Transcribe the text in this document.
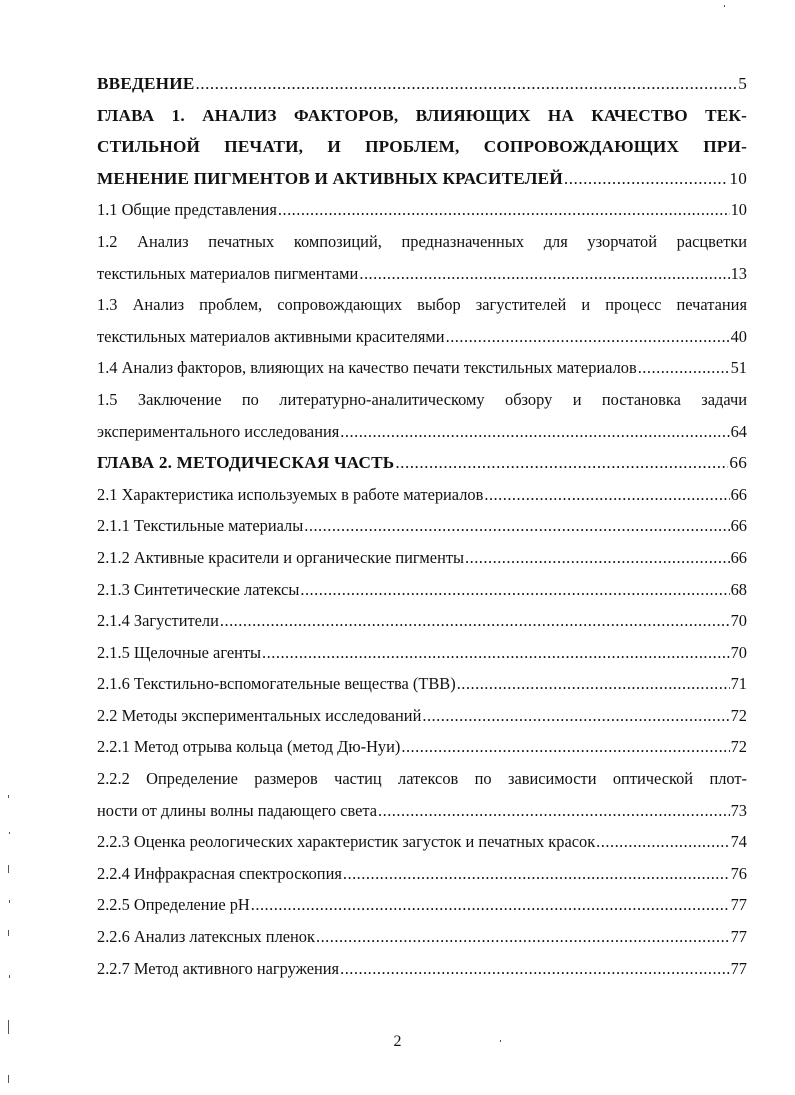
ВВЕДЕНИЕ .....	5
ГЛАВА 1. АНАЛИЗ ФАКТОРОВ, ВЛИЯЮЩИХ НА КАЧЕСТВО ТЕК-
СТИЛЬНОЙ ПЕЧАТИ, И ПРОБЛЕМ, СОПРОВОЖДАЮЩИХ ПРИ-
МЕНЕНИЕ ПИГМЕНТОВ И АКТИВНЫХ КРАСИТЕЛЕЙ .....	10
1.1 Общие представления .....	10
1.2 Анализ печатных композиций, предназначенных для узорчатой расцветки
текстильных материалов пигментами .....	13
1.3 Анализ проблем, сопровождающих выбор загустителей и процесс печатания
текстильных материалов активными красителями .....	40
1.4 Анализ факторов, влияющих на качество печати текстильных материалов .....	51
1.5 Заключение по литературно-аналитическому обзору и постановка задачи
экспериментального исследования .....	64
ГЛАВА 2. МЕТОДИЧЕСКАЯ ЧАСТЬ .....	66
2.1 Характеристика используемых в работе материалов .....	66
2.1.1 Текстильные материалы .....	66
2.1.2 Активные красители и органические пигменты .....	66
2.1.3 Синтетические латексы .....	68
2.1.4 Загустители .....	70
2.1.5 Щелочные агенты .....	70
2.1.6 Текстильно-вспомогательные вещества (ТВВ) .....	71
2.2 Методы экспериментальных исследований .....	72
2.2.1 Метод отрыва кольца (метод Дю-Нуи) .....	72
2.2.2 Определение размеров частиц латексов по зависимости оптической плот-
ности от длины волны падающего света .....	73
2.2.3 Оценка реологических характеристик загусток и печатных красок .....	74
2.2.4 Инфракрасная спектроскопия .....	76
2.2.5 Определение pH .....	77
2.2.6 Анализ латексных пленок .....	77
2.2.7 Метод активного нагружения .....	77
2
